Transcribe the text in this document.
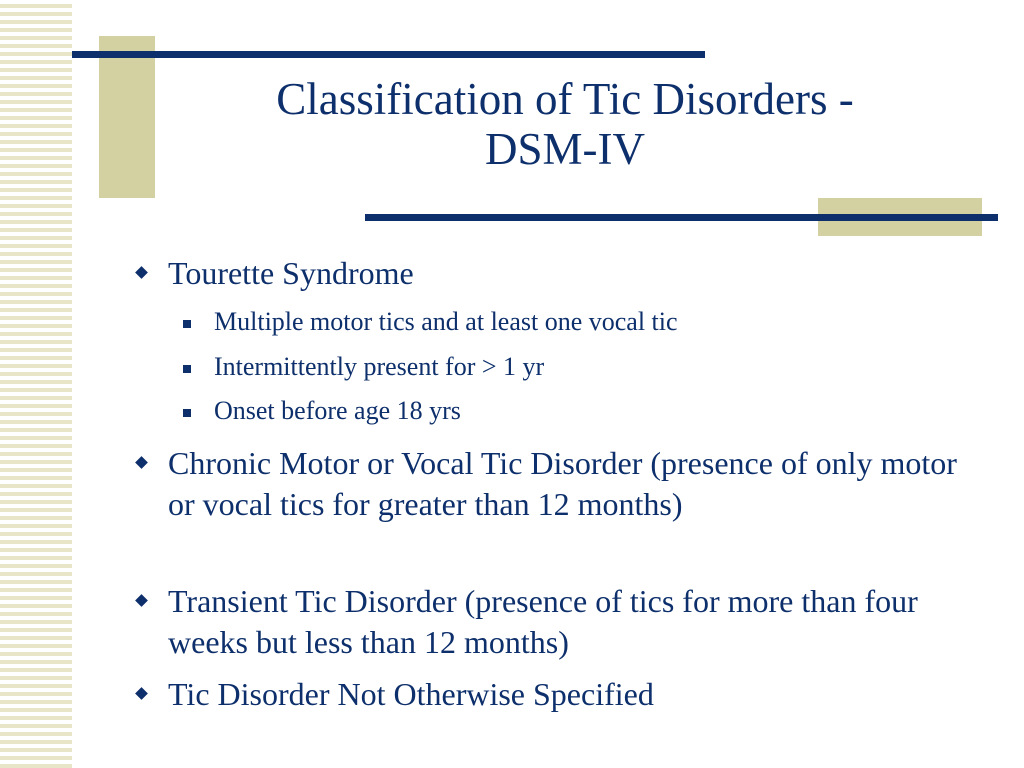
Classification of Tic Disorders -
DSM-IV
Tourette Syndrome
Multiple motor tics and at least one vocal tic
Intermittently present for > 1 yr
Onset before age 18 yrs
Chronic Motor or Vocal Tic Disorder (presence of only motor or vocal tics for greater than 12 months)
Transient Tic Disorder (presence of tics for more than four weeks but less than 12 months)
Tic Disorder Not Otherwise Specified
